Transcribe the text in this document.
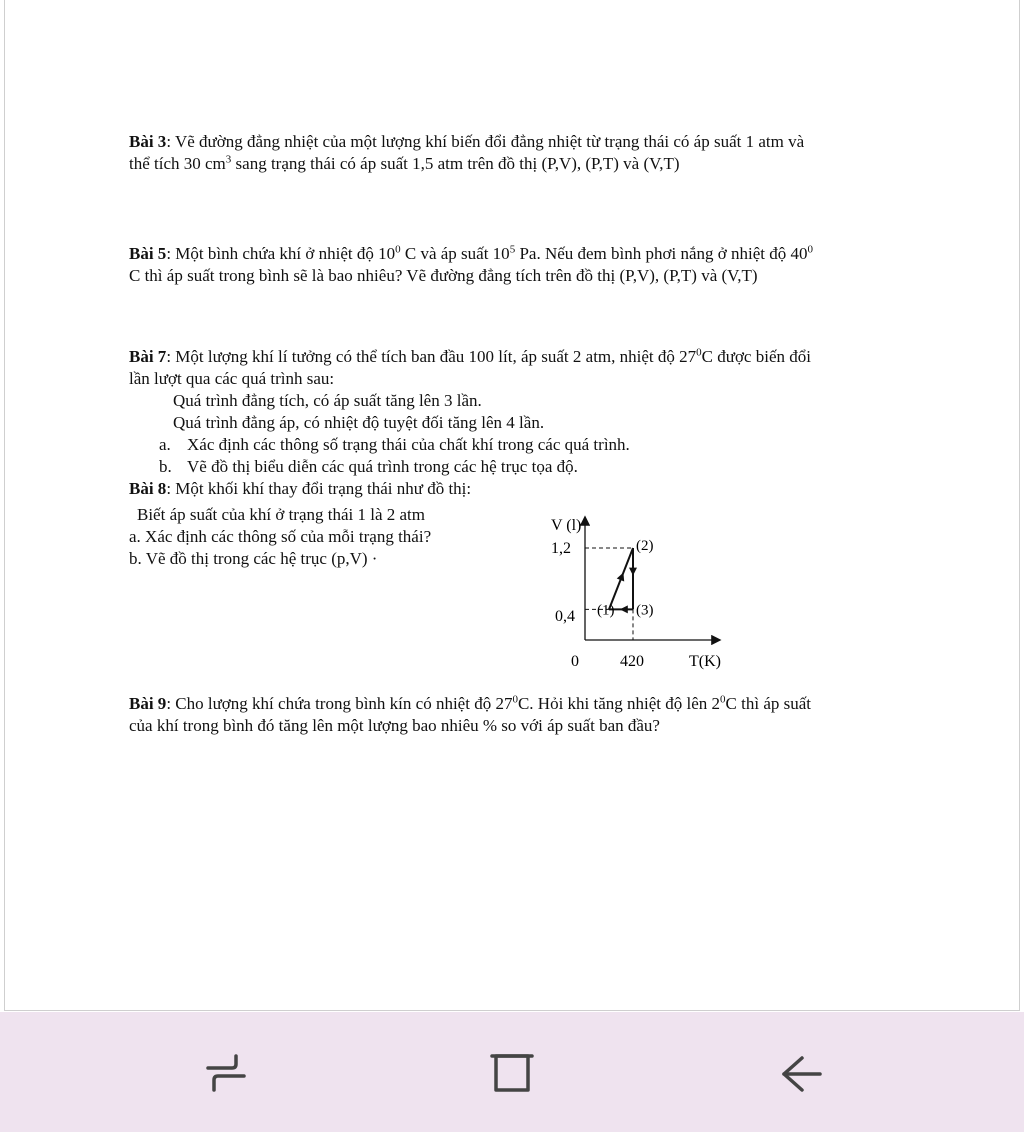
Bài 3: Vẽ đường đẳng nhiệt của một lượng khí biến đổi đẳng nhiệt từ trạng thái có áp suất 1 atm và

thể tích 30 $cm^3$ sang trạng thái có áp suất 1,5 atm trên đồ thị (P,V), (P,T) và (V,T)

Bài 5: Một bình chứa khí ở nhiệt độ $10^0$ C và áp suất $10^5$ Pa. Nếu đem bình phơi nắng ở nhiệt độ $40^0$

C thì áp suất trong bình sẽ là bao nhiêu? Vẽ đường đẳng tích trên đồ thị (P,V), (P,T) và (V,T)

Bài 7: Một lượng khí lí tưởng có thể tích ban đầu 100 lít, áp suất 2 atm, nhiệt độ $27^0C$ được biến đổi

lần lượt qua các quá trình sau:

Quá trình đẳng tích, có áp suất tăng lên 3 lần.

Quá trình đẳng áp, có nhiệt độ tuyệt đối tăng lên 4 lần.

a. Xác định các thông số trạng thái của chất khí trong các quá trình.

b. Vẽ đồ thị biểu diễn các quá trình trong các hệ trục tọa độ.

Bài 8: Một khối khí thay đổi trạng thái như đồ thị:

Biết áp suất của khí ở trạng thái 1 là 2 atm

a. Xác định các thông số của mỗi trạng thái?

b. Vẽ đồ thị trong các hệ trục (p,V) ·

V (l)
T(K)
0	420
1,2
0,4 (1)
(2)
(3)

Bài 9: Cho lượng khí chứa trong bình kín có nhiệt độ $27^0C$. Hỏi khi tăng nhiệt độ lên $2^0C$ thì áp suất

của khí trong bình đó tăng lên một lượng bao nhiêu % so với áp suất ban đầu?
